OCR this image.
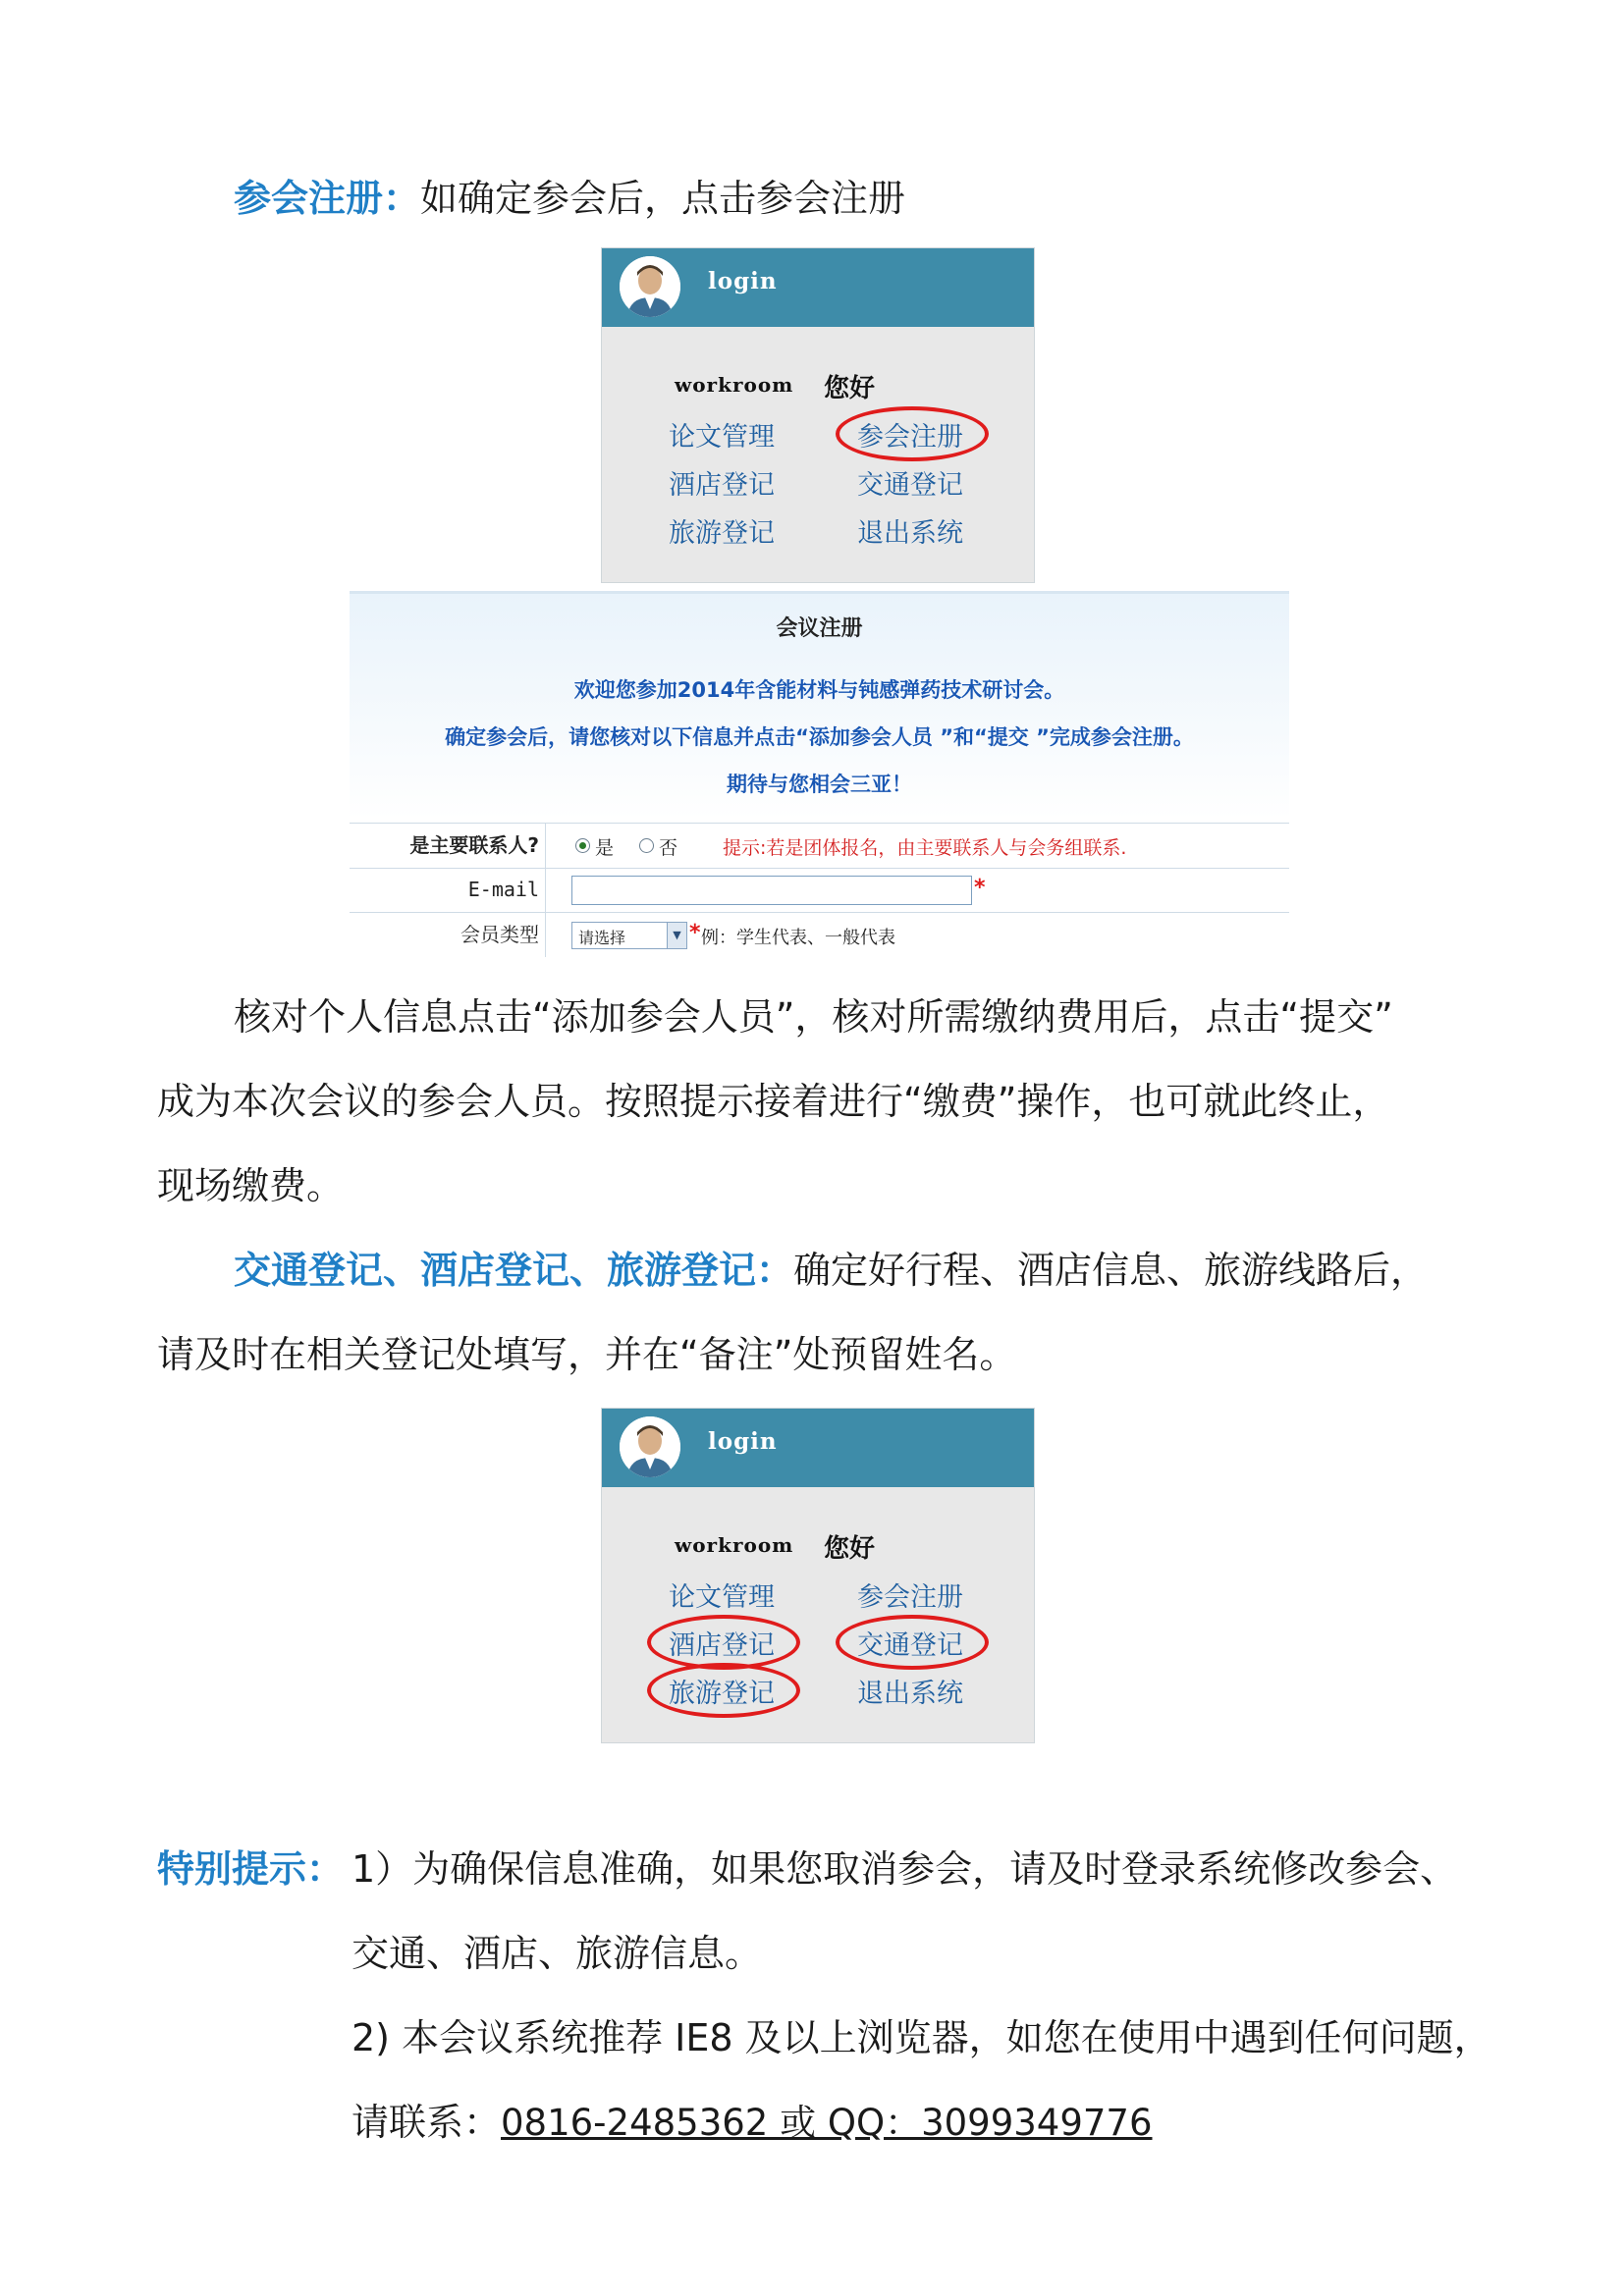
参会注册：如确定参会后，点击参会注册
login
workroom 您好
论文管理	参会注册
酒店登记	交通登记
旅游登记	退出系统
会议注册
欢迎您参加2014年含能材料与钝感弹药技术研讨会。
确定参会后，请您核对以下信息并点击“添加参会人员 ”和“提交 ”完成参会注册。
期待与您相会三亚！
是主要联系人?	是 否 提示:若是团体报名，由主要联系人与会务组联系.
E-mail	*
会员类型	请选择	▼ * 例：学生代表、一般代表
核对个人信息点击“添加参会人员”，核对所需缴纳费用后，点击“提交”
成为本次会议的参会人员。按照提示接着进行“缴费”操作，也可就此终止，
现场缴费。
交通登记、酒店登记、旅游登记：确定好行程、酒店信息、旅游线路后，
请及时在相关登记处填写，并在“备注”处预留姓名。
login
workroom 您好
论文管理	参会注册
酒店登记	交通登记
旅游登记	退出系统
特别提示： 1）为确保信息准确，如果您取消参会，请及时登录系统修改参会、
交通、酒店、旅游信息。
2) 本会议系统推荐 IE8 及以上浏览器，如您在使用中遇到任何问题，
请联系：0816-2485362 或 QQ：3099349776
